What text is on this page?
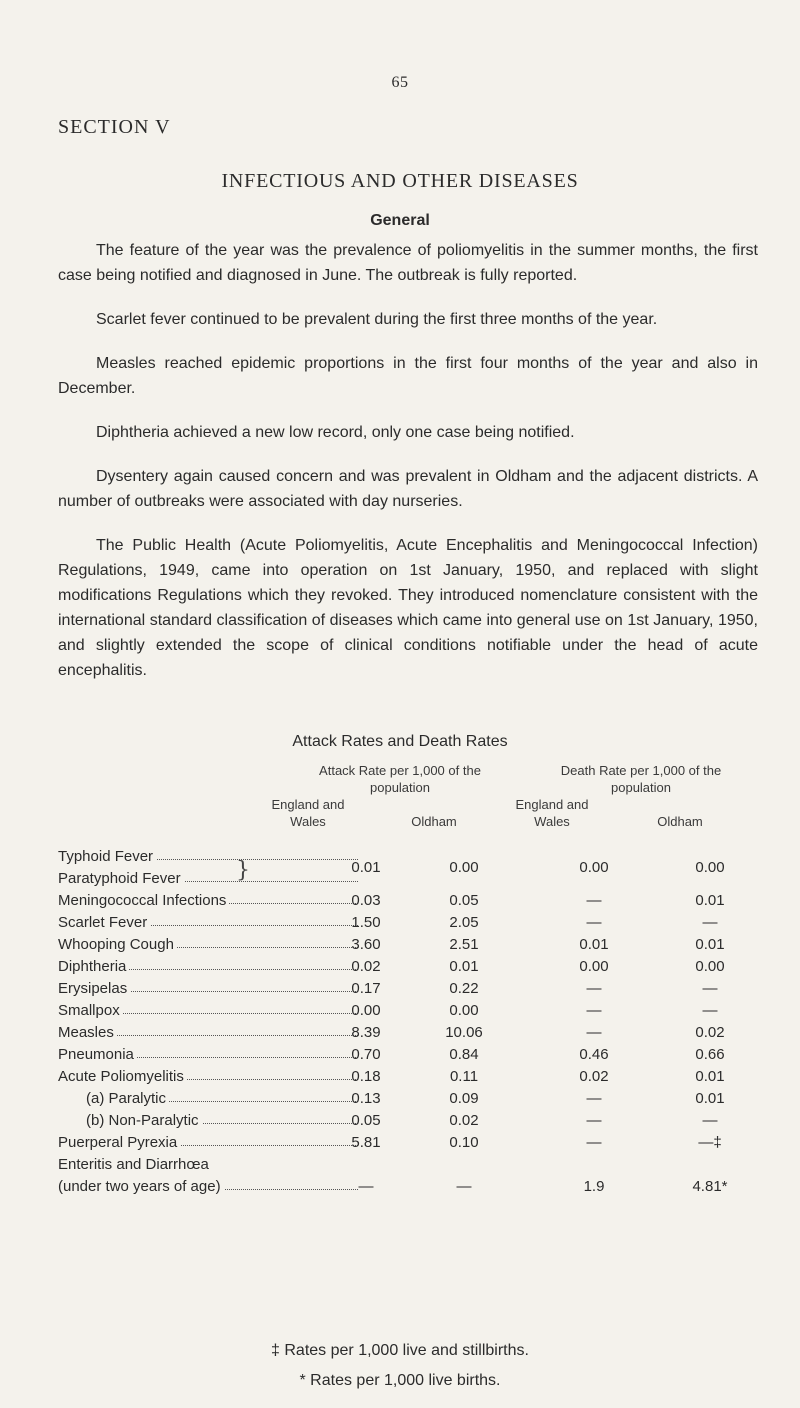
65
SECTION V
INFECTIOUS AND OTHER DISEASES
General

The feature of the year was the prevalence of poliomyelitis in the summer months, the first case being notified and diagnosed in June. The outbreak is fully reported.

Scarlet fever continued to be prevalent during the first three months of the year.

Measles reached epidemic proportions in the first four months of the year and also in December.

Diphtheria achieved a new low record, only one case being notified.

Dysentery again caused concern and was prevalent in Oldham and the adjacent districts. A number of outbreaks were associated with day nurseries.

The Public Health (Acute Poliomyelitis, Acute Encephalitis and Meningococcal Infection) Regulations, 1949, came into operation on 1st January, 1950, and replaced with slight modifications Regulations which they revoked. They introduced nomenclature consistent with the international standard classification of diseases which came into general use on 1st January, 1950, and slightly extended the scope of clinical conditions notifiable under the head of acute encephalitis.

Attack Rates and Death Rates
Attack Rate per 1,000 of the population
Death Rate per 1,000 of the population
England and Wales	Oldham
England and Wales	Oldham
}
Typhoid Fever
0.01	0.00	0.00	0.00
Paratyphoid Fever
Meningococcal Infections	0.03	0.05	—	0.01
Scarlet Fever	1.50	2.05	—	—
Whooping Cough	3.60	2.51	0.01	0.01
Diphtheria	0.02	0.01	0.00	0.00
Erysipelas	0.17	0.22	—	—
Smallpox	0.00	0.00	—	—
Measles	8.39	10.06	—	0.02
Pneumonia	0.70	0.84	0.46	0.66
Acute Poliomyelitis	0.18	0.11	0.02	0.01
(a) Paralytic	0.13	0.09	—	0.01
(b) Non-Paralytic	0.05	0.02	—	—
Puerperal Pyrexia	5.81	0.10	—	—‡
Enteritis and Diarrhœa
(under two years of age)	—	—	1.9	4.81*
‡ Rates per 1,000 live and stillbirths.
* Rates per 1,000 live births.
